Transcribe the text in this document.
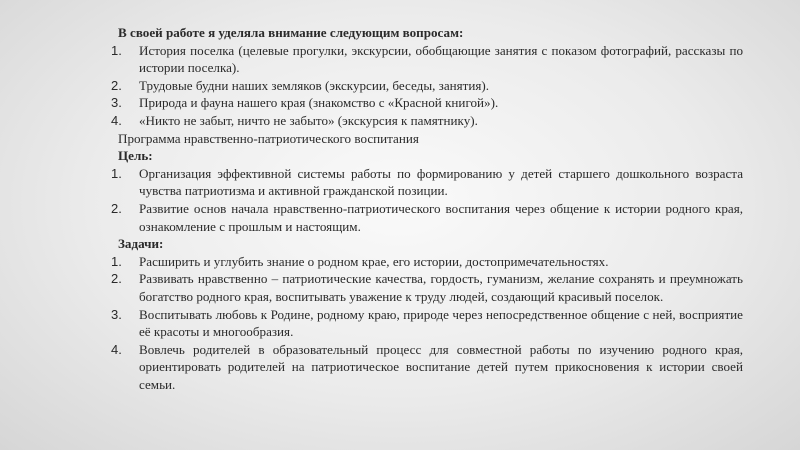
В своей работе я уделяла внимание следующим вопросам:
1. История поселка (целевые прогулки, экскурсии, обобщающие занятия с показом фотографий, рассказы по истории поселка).
2. Трудовые будни наших земляков (экскурсии, беседы, занятия).
3. Природа и фауна нашего края (знакомство с «Красной книгой»).
4. «Никто не забыт, ничто не забыто» (экскурсия к памятнику).
Программа нравственно-патриотического воспитания
Цель:
1. Организация эффективной системы работы по формированию у детей старшего дошкольного возраста чувства патриотизма и активной гражданской позиции.
2. Развитие основ начала нравственно-патриотического воспитания через общение к истории родного края, ознакомление с прошлым и настоящим.
Задачи:
1. Расширить и углубить знание о родном крае, его истории, достопримечательностях.
2. Развивать нравственно – патриотические качества, гордость, гуманизм, желание сохранять и преумножать богатство родного края, воспитывать уважение к труду людей, создающий красивый поселок.
3. Воспитывать любовь к Родине, родному краю, природе через непосредственное общение с ней, восприятие её красоты и многообразия.
4. Вовлечь родителей в образовательный процесс для совместной работы по изучению родного края, ориентировать родителей на патриотическое воспитание детей путем прикосновения к истории своей семьи.
